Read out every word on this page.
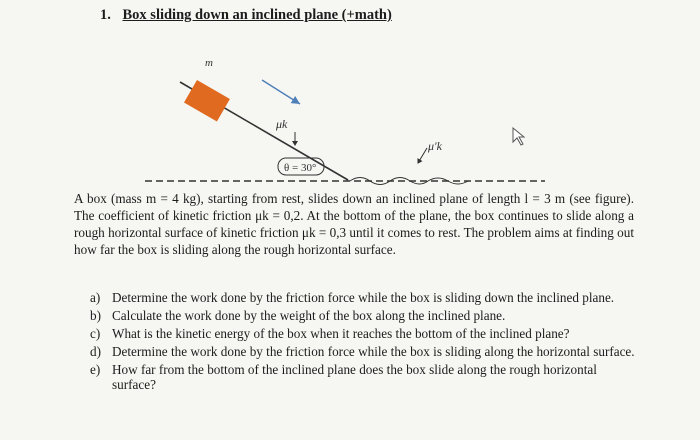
1. Box sliding down an inclined plane (+math)
m
μk
θ = 30°
μ'k
A box (mass m = 4 kg), starting from rest, slides down an inclined plane of length l = 3 m (see figure). The coefficient of kinetic friction μk = 0,2. At the bottom of the plane, the box continues to slide along a rough horizontal surface of kinetic friction μk = 0,3 until it comes to rest. The problem aims at finding out how far the box is sliding along the rough horizontal surface.
a) Determine the work done by the friction force while the box is sliding down the inclined plane.
b) Calculate the work done by the weight of the box along the inclined plane.
c) What is the kinetic energy of the box when it reaches the bottom of the inclined plane?
d) Determine the work done by the friction force while the box is sliding along the horizontal surface.
e) How far from the bottom of the inclined plane does the box slide along the rough horizontal surface?
